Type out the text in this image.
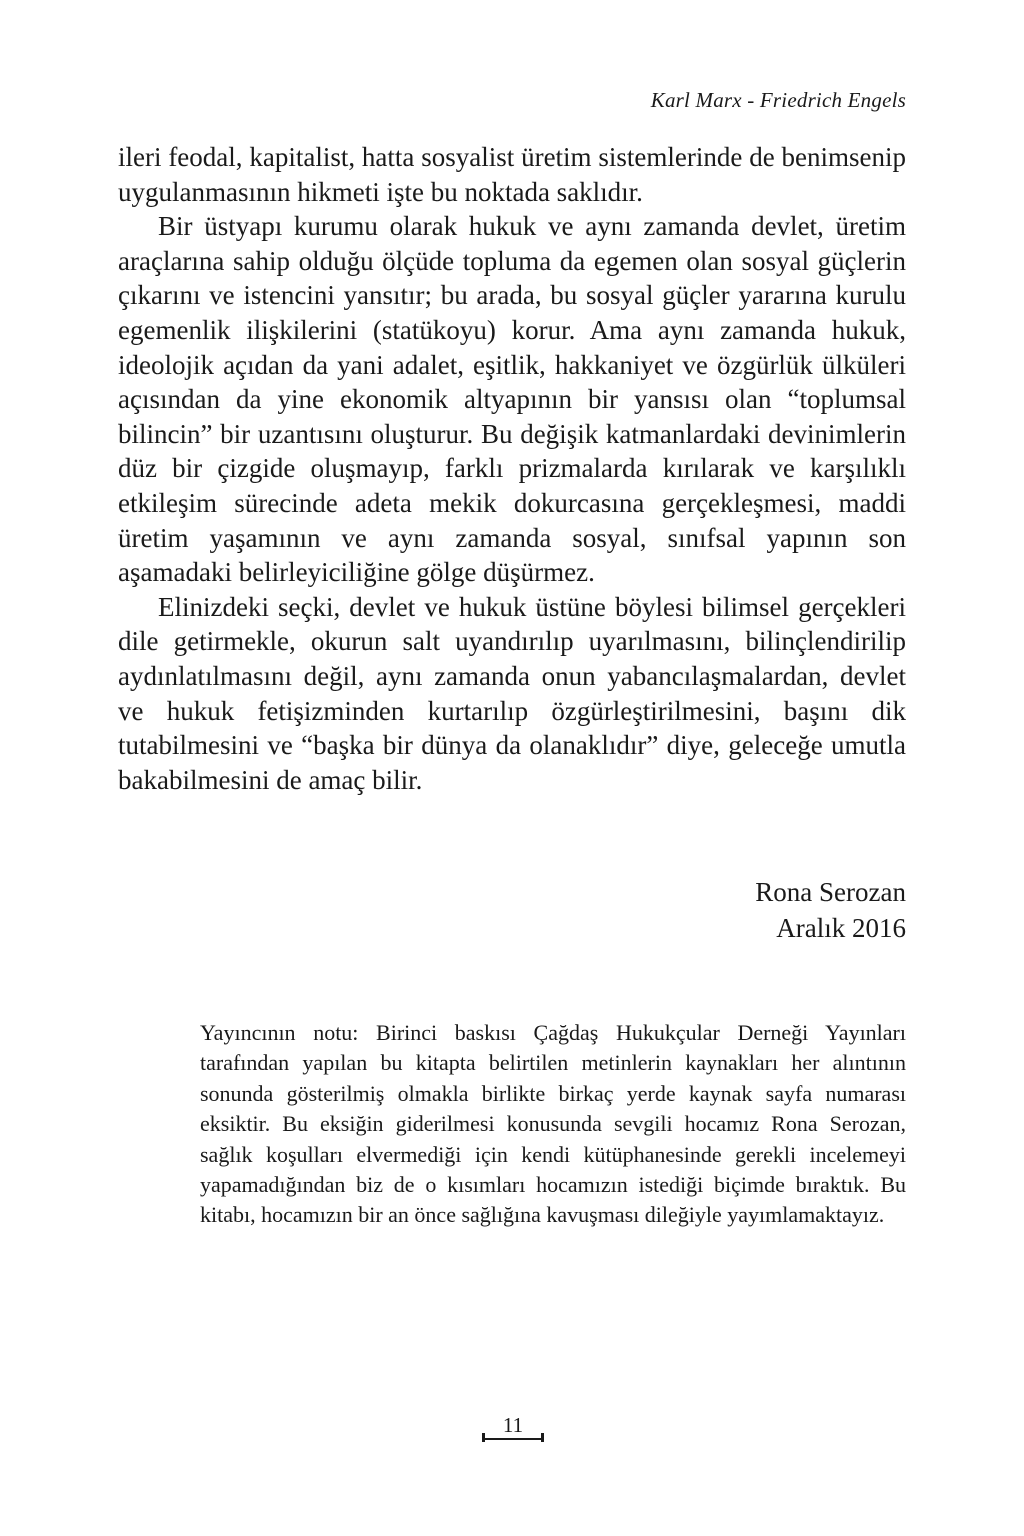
Karl Marx - Friedrich Engels

ileri feodal, kapitalist, hatta sosyalist üretim sistemlerinde de benimsenip uygulanmasının hikmeti işte bu noktada saklıdır.

Bir üstyapı kurumu olarak hukuk ve aynı zamanda devlet, üretim araçlarına sahip olduğu ölçüde topluma da egemen olan sosyal güçlerin çıkarını ve istencini yansıtır; bu arada, bu sosyal güçler yararına kurulu egemenlik ilişkilerini (statükoyu) korur. Ama aynı zamanda hukuk, ideolojik açıdan da yani adalet, eşitlik, hakkaniyet ve özgürlük ülküleri açısından da yine ekonomik altyapının bir yansısı olan “toplumsal bilincin” bir uzantısını oluşturur. Bu değişik katmanlardaki devinimlerin düz bir çizgide oluşmayıp, farklı prizmalarda kırılarak ve karşılıklı etkileşim sürecinde adeta mekik dokurcasına gerçekleşmesi, maddi üretim yaşamının ve aynı zamanda sosyal, sınıfsal yapının son aşamadaki belirleyiciliğine gölge düşürmez.

Elinizdeki seçki, devlet ve hukuk üstüne böylesi bilimsel gerçekleri dile getirmekle, okurun salt uyandırılıp uyarılmasını, bilinçlendirilip aydınlatılmasını değil, aynı zamanda onun yabancılaşmalardan, devlet ve hukuk fetişizminden kurtarılıp özgürleştirilmesini, başını dik tutabilmesini ve “başka bir dünya da olanaklıdır” diye, geleceğe umutla bakabilmesini de amaç bilir.

Rona Serozan
Aralık 2016

Yayıncının notu: Birinci baskısı Çağdaş Hukukçular Derneği Yayınları tarafından yapılan bu kitapta belirtilen metinlerin kaynakları her alıntının sonunda gösterilmiş olmakla birlikte birkaç yerde kaynak sayfa numarası eksiktir. Bu eksiğin giderilmesi konusunda sevgili hocamız Rona Serozan, sağlık koşulları elvermediği için kendi kütüphanesinde gerekli incelemeyi yapamadığından biz de o kısımları hocamızın istediği biçimde bıraktık. Bu kitabı, hocamızın bir an önce sağlığına kavuşması dileğiyle yayımlamaktayız.

11
